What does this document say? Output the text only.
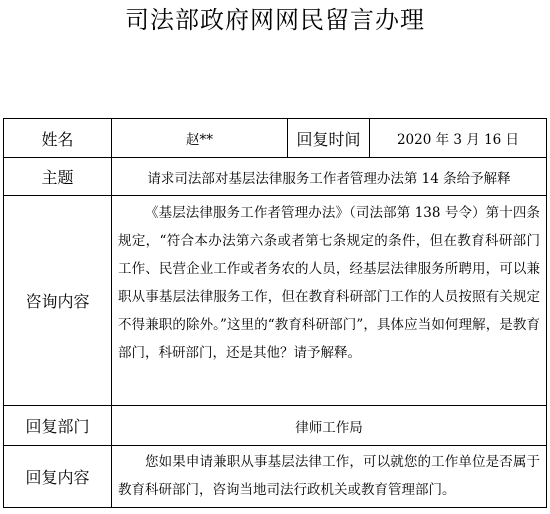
司法部政府网网民留言办理
姓名	赵**	回复时间	2020 年 3 月 16 日
主题	请求司法部对基层法律服务工作者管理办法第 14 条给予解释		
咨询内容	《基层法律服务工作者管理办法》（司法部第 138 号令）第十四条规定，“符合本办法第六条或者第七条规定的条件，但在教育科研部门工作、民营企业工作或者务农的人员，经基层法律服务所聘用，可以兼职从事基层法律服务工作，但在教育科研部门工作的人员按照有关规定不得兼职的除外。”这里的“教育科研部门”，具体应当如何理解，是教育部门，科研部门，还是其他？请予解释。		
回复部门	律师工作局		
回复内容	您如果申请兼职从事基层法律工作，可以就您的工作单位是否属于教育科研部门，咨询当地司法行政机关或教育管理部门。		
